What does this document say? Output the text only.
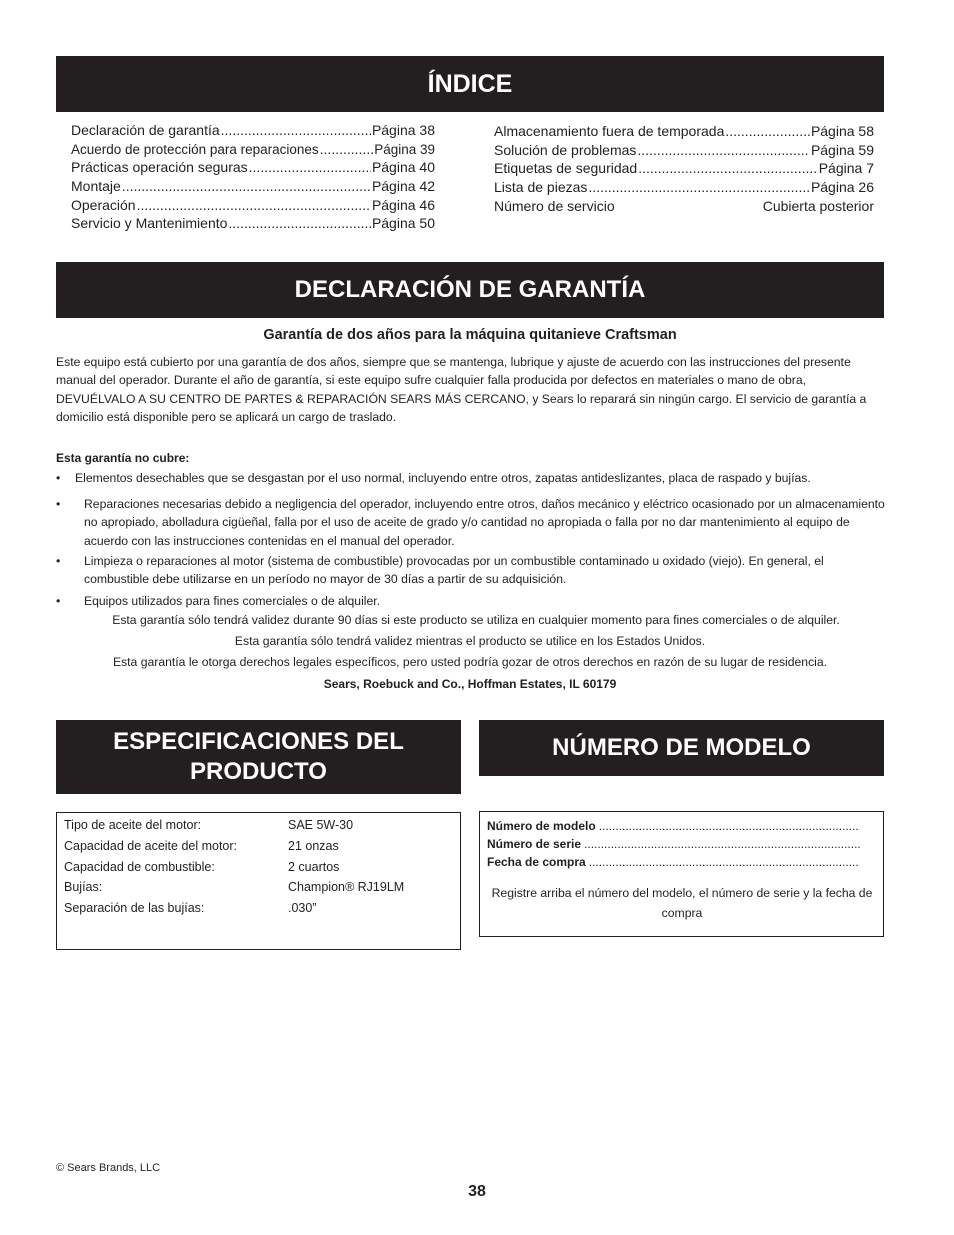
ÍNDICE
Declaración de garantía .....	Página 38
Acuerdo de protección para reparaciones .....	Página 39
Prácticas operación seguras .....	Página 40
Montaje .....	Página 42
Operación .....	Página 46
Servicio y Mantenimiento .....	Página 50
Almacenamiento fuera de temporada .....	Página 58
Solución de problemas .....	Página 59
Etiquetas de seguridad .....	Página 7
Lista de piezas .....	Página 26
Número de servicio	Cubierta posterior
DECLARACIÓN DE GARANTÍA
Garantía de dos años para la máquina quitanieve Craftsman
Este equipo está cubierto por una garantía de dos años, siempre que se mantenga, lubrique y ajuste de acuerdo con las instrucciones del presente manual del operador. Durante el año de garantía, si este equipo sufre cualquier falla producida por defectos en materiales o mano de obra, DEVUÉLVALO A SU CENTRO DE PARTES & REPARACIÓN SEARS MÁS CERCANO, y Sears lo reparará sin ningún cargo. El servicio de garantía a domicilio está disponible pero se aplicará un cargo de traslado.
Esta garantía no cubre:
•	Elementos desechables que se desgastan por el uso normal, incluyendo entre otros, zapatas antideslizantes, placa de raspado y bujías.
•	Reparaciones necesarias debido a negligencia del operador, incluyendo entre otros, daños mecánico y eléctrico ocasionado por un almacenamiento no apropiado, abolladura cigüeñal, falla por el uso de aceite de grado y/o cantidad no apropiada o falla por no dar mantenimiento al equipo de acuerdo con las instrucciones contenidas en el manual del operador.
•	Limpieza o reparaciones al motor (sistema de combustible) provocadas por un combustible contaminado u oxidado (viejo). En general, el combustible debe utilizarse en un período no mayor de 30 días a partir de su adquisición.
•	Equipos utilizados para fines comerciales o de alquiler.
Esta garantía sólo tendrá validez durante 90 días si este producto se utiliza en cualquier momento para fines comerciales o de alquiler.
Esta garantía sólo tendrá validez mientras el producto se utilice en los Estados Unidos.
Esta garantía le otorga derechos legales específicos, pero usted podría gozar de otros derechos en razón de su lugar de residencia.
Sears, Roebuck and Co., Hoffman Estates, IL 60179
ESPECIFICACIONES DEL PRODUCTO
Tipo de aceite del motor:	SAE 5W-30
Capacidad de aceite del motor:	21 onzas
Capacidad de combustible:	2 cuartos
Bujías:	Champion® RJ19LM
Separación de las bujías:	.030”
NÚMERO DE MODELO
Número de modelo
.....
Número de serie
.....
Fecha de compra
.....
Registre arriba el número del modelo, el número de serie y la fecha de compra
© Sears Brands, LLC
38
